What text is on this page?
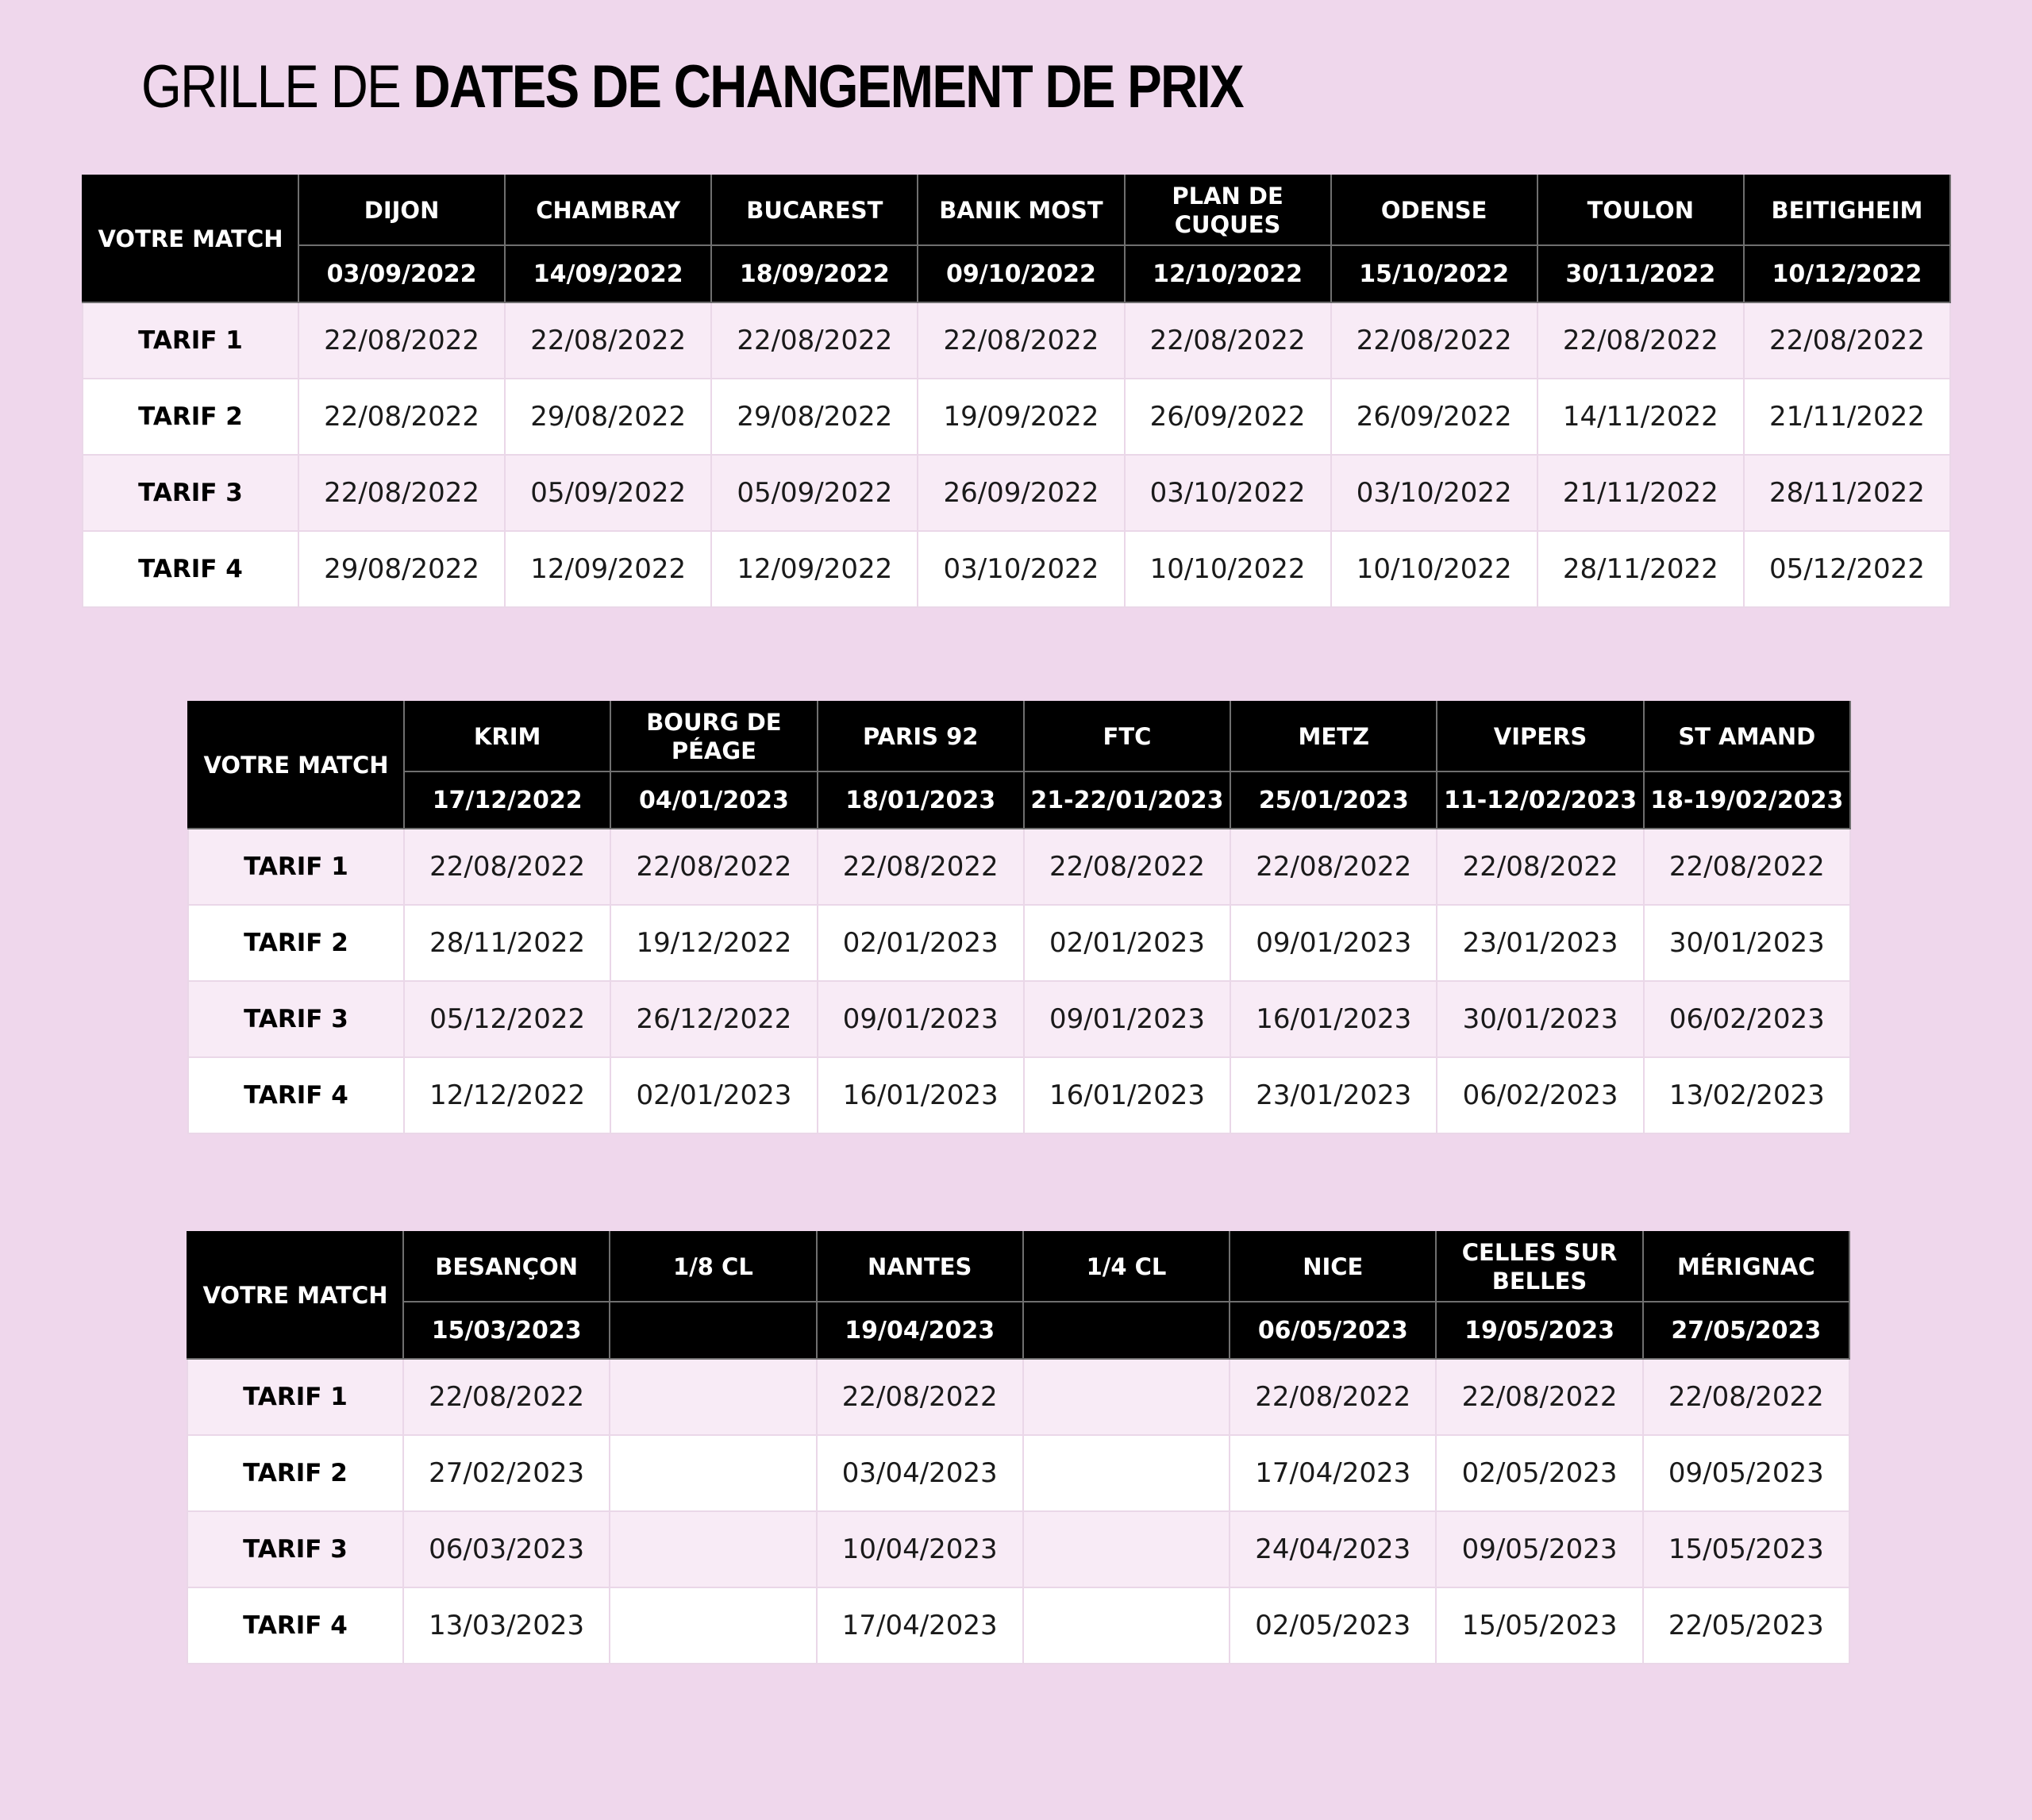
GRILLE DE DATES DE CHANGEMENT DE PRIX
VOTRE MATCH	DIJON	CHAMBRAY	BUCAREST	BANIK MOST	PLAN DE CUQUES	ODENSE	TOULON	BEITIGHEIM
	03/09/2022	14/09/2022	18/09/2022	09/10/2022	12/10/2022	15/10/2022	30/11/2022	10/12/2022
TARIF 1	22/08/2022	22/08/2022	22/08/2022	22/08/2022	22/08/2022	22/08/2022	22/08/2022	22/08/2022
TARIF 2	22/08/2022	29/08/2022	29/08/2022	19/09/2022	26/09/2022	26/09/2022	14/11/2022	21/11/2022
TARIF 3	22/08/2022	05/09/2022	05/09/2022	26/09/2022	03/10/2022	03/10/2022	21/11/2022	28/11/2022
TARIF 4	29/08/2022	12/09/2022	12/09/2022	03/10/2022	10/10/2022	10/10/2022	28/11/2022	05/12/2022
VOTRE MATCH	KRIM	BOURG DE PÉAGE	PARIS 92	FTC	METZ	VIPERS	ST AMAND
	17/12/2022	04/01/2023	18/01/2023	21-22/01/2023	25/01/2023	11-12/02/2023	18-19/02/2023
TARIF 1	22/08/2022	22/08/2022	22/08/2022	22/08/2022	22/08/2022	22/08/2022	22/08/2022
TARIF 2	28/11/2022	19/12/2022	02/01/2023	02/01/2023	09/01/2023	23/01/2023	30/01/2023
TARIF 3	05/12/2022	26/12/2022	09/01/2023	09/01/2023	16/01/2023	30/01/2023	06/02/2023
TARIF 4	12/12/2022	02/01/2023	16/01/2023	16/01/2023	23/01/2023	06/02/2023	13/02/2023
VOTRE MATCH	BESANÇON	1/8 CL	NANTES	1/4 CL	NICE	CELLES SUR BELLES	MÉRIGNAC
	15/03/2023		19/04/2023		06/05/2023	19/05/2023	27/05/2023
TARIF 1	22/08/2022		22/08/2022		22/08/2022	22/08/2022	22/08/2022
TARIF 2	27/02/2023		03/04/2023		17/04/2023	02/05/2023	09/05/2023
TARIF 3	06/03/2023		10/04/2023		24/04/2023	09/05/2023	15/05/2023
TARIF 4	13/03/2023		17/04/2023		02/05/2023	15/05/2023	22/05/2023
